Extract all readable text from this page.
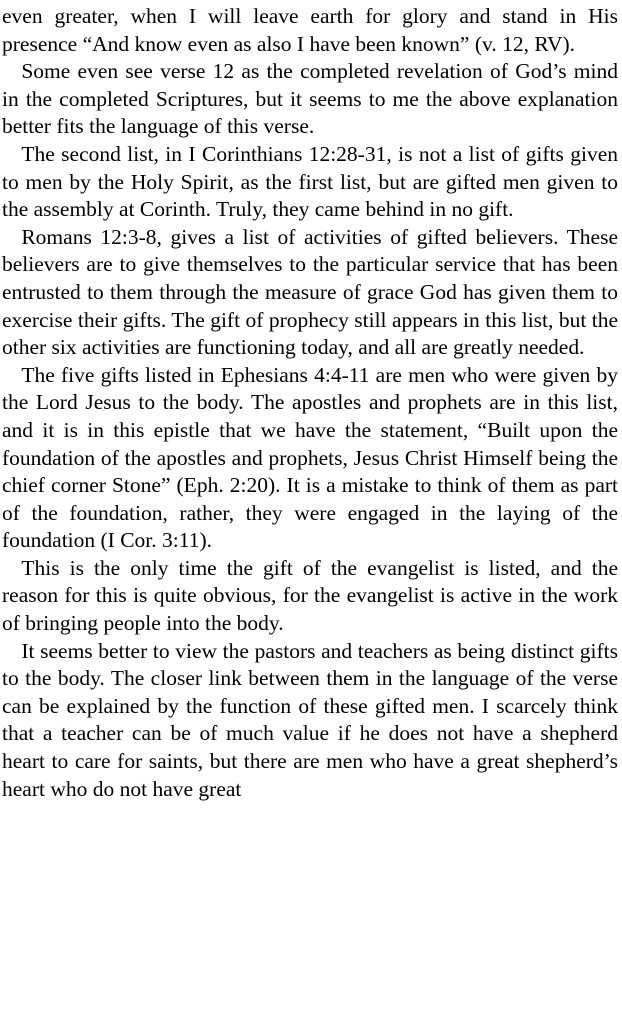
even greater, when I will leave earth for glory and stand in His presence “And know even as also I have been known” (v. 12, RV).

Some even see verse 12 as the completed revelation of God’s mind in the completed Scriptures, but it seems to me the above explanation better fits the language of this verse.

The second list, in I Corinthians 12:28-31, is not a list of gifts given to men by the Holy Spirit, as the first list, but are gifted men given to the assembly at Corinth. Truly, they came behind in no gift.

Romans 12:3-8, gives a list of activities of gifted believers. These believers are to give themselves to the particular service that has been entrusted to them through the measure of grace God has given them to exercise their gifts. The gift of prophecy still appears in this list, but the other six activities are functioning today, and all are greatly needed.

The five gifts listed in Ephesians 4:4-11 are men who were given by the Lord Jesus to the body. The apostles and prophets are in this list, and it is in this epistle that we have the statement, “Built upon the foundation of the apostles and prophets, Jesus Christ Himself being the chief corner Stone” (Eph. 2:20). It is a mistake to think of them as part of the foundation, rather, they were engaged in the laying of the foundation (I Cor. 3:11).

This is the only time the gift of the evangelist is listed, and the reason for this is quite obvious, for the evangelist is active in the work of bringing people into the body.

It seems better to view the pastors and teachers as being distinct gifts to the body. The closer link between them in the language of the verse can be explained by the function of these gifted men. I scarcely think that a teacher can be of much value if he does not have a shepherd heart to care for saints, but there are men who have a great shepherd’s heart who do not have great
